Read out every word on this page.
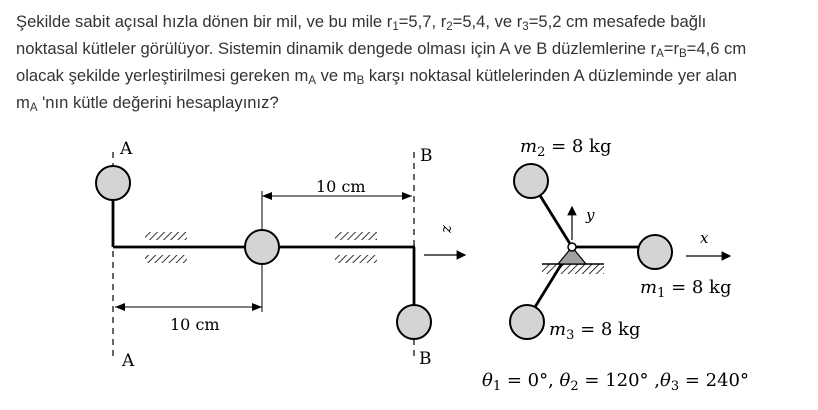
Şekilde sabit açısal hızla dönen bir mil, ve bu mile $r_1=5,7$, $r_2=5,4$, ve $r_3=5,2$ cm mesafede bağlı
noktasal kütleler görülüyor. Sistemin dinamik dengede olması için A ve B düzlemlerine $r_A=r_B=4,6$ cm
olacak şekilde yerleştirilmesi gereken $m_A$ ve $m_B$ karşı noktasal kütlelerinden A düzleminde yer alan
$m_A$ 'nın kütle değerini hesaplayınız?
A
A
B
B
10 cm
10 cm
z
y
x
$m_2 = 8$ kg
$m_1 = 8$ kg
$m_3 = 8$ kg
$\theta_1 = 0^\circ$, $\theta_2 = 120^\circ$ $,\theta_3 = 240^\circ$
